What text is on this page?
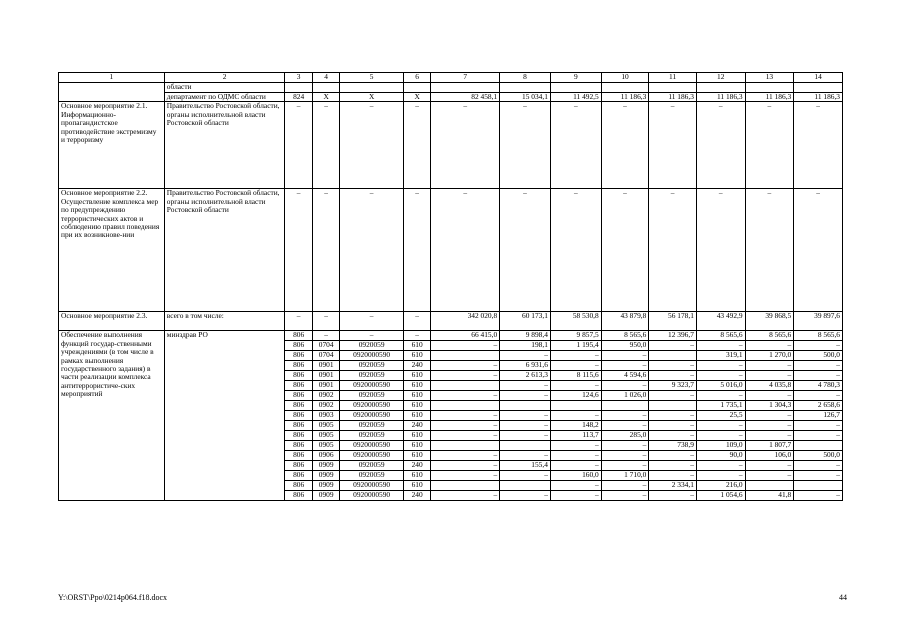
1	2	3	4	5	6	7	8	9	10	11	12	13	14
	области												
	департамент по ОДМС области	824	X	X	X	82 458,1	15 034,1	11 492,5	11 186,3	11 186,3	11 186,3	11 186,3	11 186,3
Основное мероприятие 2.1. Информационно-пропагандистское противодействие экстремизму и терроризму	Правительство Ростовской области, органы исполнительной власти Ростовской области	–	–	–	–	–	–	–	–	–	–	–	–
Основное мероприятие 2.2. Осуществление комплекса мер по предупреждению террористических актов и соблюдению правил поведения при их возникнове-нии	Правительство Ростовской области, органы исполнительной власти Ростовской области	–	–	–	–	–	–	–	–	–	–	–	–
Основное мероприятие 2.3.	всего в том числе:	–	–	–	–	342 020,8	60 173,1	58 530,8	43 879,8	56 178,1	43 492,9	39 868,5	39 897,6
Обеспечение выполнения функций государ-ственными учреждениями (в том числе в рамках выполнения государственного задания) в части реализации комплекса антитеррористиче-ских мероприятий	минздрав РО	806	–	–	–	66 415,0	9 898,4	9 857,5	8 565,6	12 396,7	8 565,6	8 565,6	8 565,6
		806	0704	0920059	610	–	198,1	1 195,4	950,0	–	–	–	–
		806	0704	0920000590	610		–	–	–		319,1	1 270,0	500,0
		806	0901	0920059	240	–	6 931,6	–	–	–	–	–	–
		806	0901	0920059	610	–	2 613,3	8 115,6	4 594,6	–	–	–	–
		806	0901	0920000590	610		–	–	–	9 323,7	5 016,0	4 035,8	4 780,3
		806	0902	0920059	610	–	–	124,6	1 026,0	–	–	–	–
		806	0902	0920000590	610						1 735,1	1 304,3	2 658,6
		806	0903	0920000590	610	–	–	–	–	–	25,5	–	126,7
		806	0905	0920059	240	–	–	148,2	–	–	–	–	–
		806	0905	0920059	610	–	–	113,7	285,0	–	–	–	–
		806	0905	0920000590	610			–	–	738,9	109,0	1 807,7	
		806	0906	0920000590	610	–	–	–	–	–	90,0	106,0	500,0
		806	0909	0920059	240	–	155,4	–	–	–	–	–	–
		806	0909	0920059	610	–	–	160,0	1 710,0	–	–	–	–
		806	0909	0920000590	610			–	–	2 334,1	216,0		
		806	0909	0920000590	240	–	–	–	–	–	1 054,6	41,8	–
Y:\ORST\Ppo\0214p064.f18.docx	44
